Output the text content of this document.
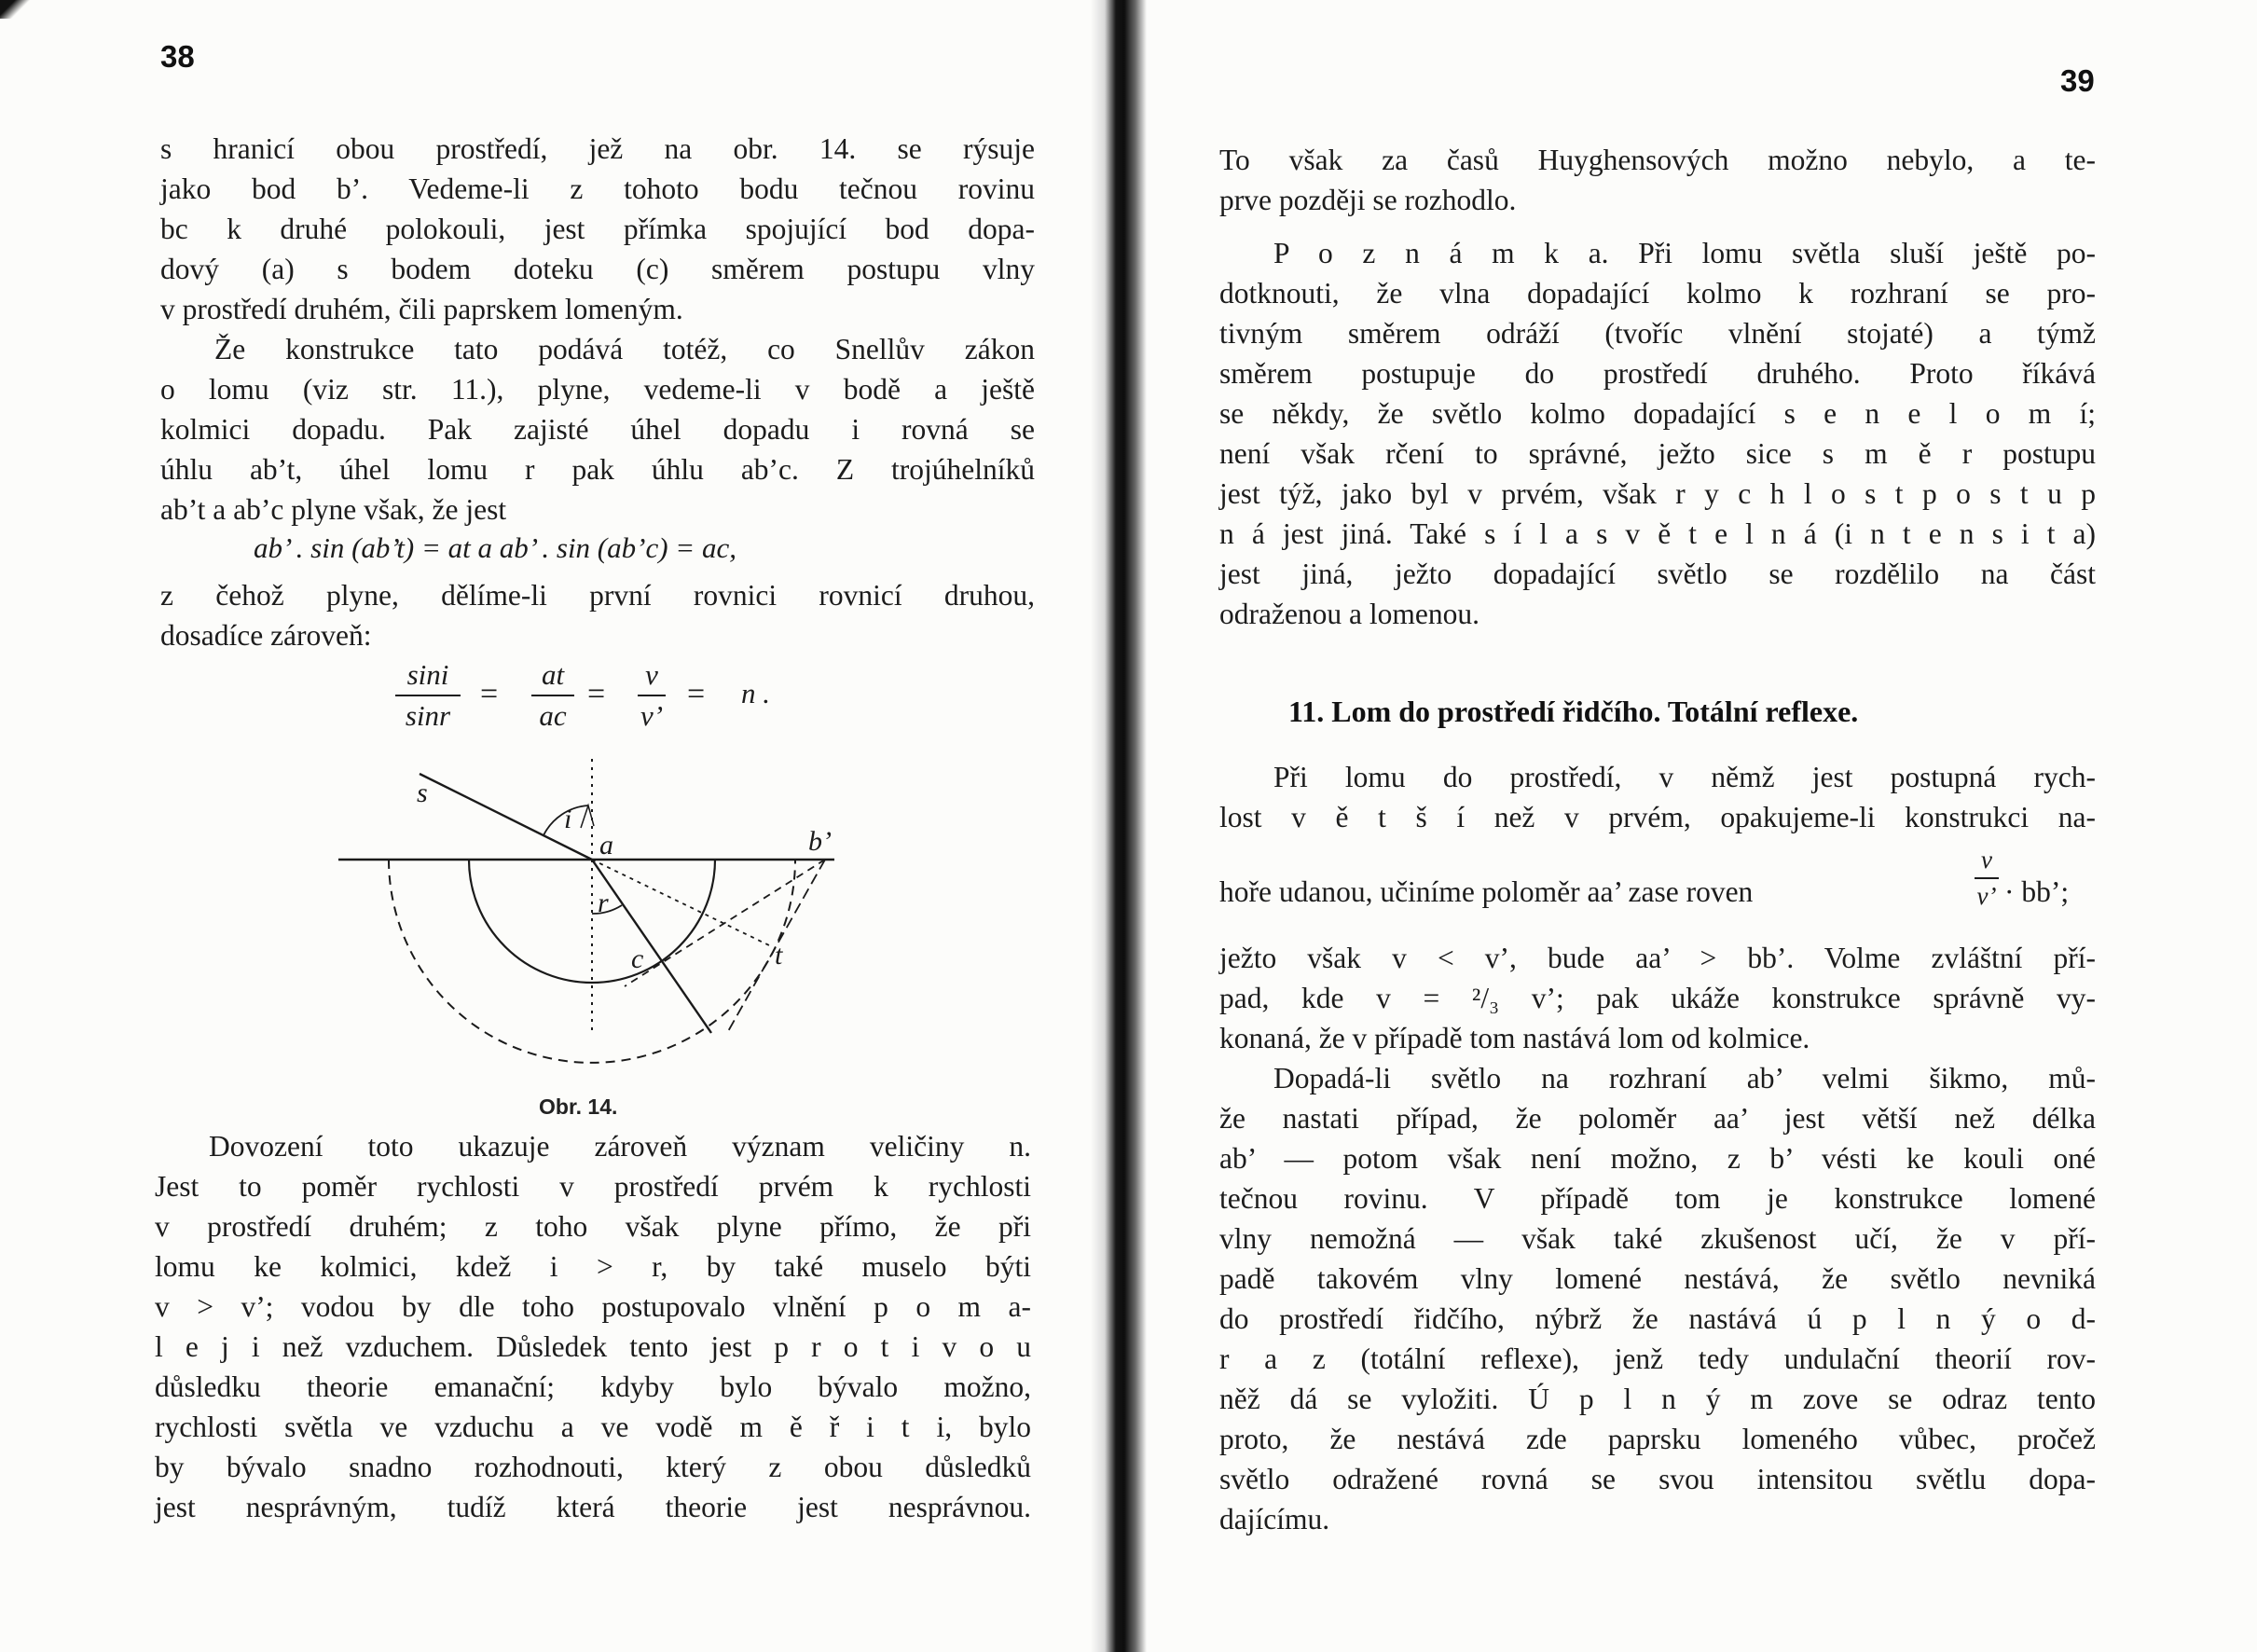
38
s hranicí obou prostředí, jež na obr. 14. se rýsuje
jako bod b’. Vedeme-li z tohoto bodu tečnou rovinu
bc k druhé polokouli, jest přímka spojující bod dopa-
dový (a) s bodem doteku (c) směrem postupu vlny
v prostředí druhém, čili paprskem lomeným.
Že konstrukce tato podává totéž, co Snellův zákon
o lomu (viz str. 11.), plyne, vedeme-li v bodě a ještě
kolmici dopadu. Pak zajisté úhel dopadu i rovná se
úhlu ab’t, úhel lomu r pak úhlu ab’c. Z trojúhelníků
ab’t a ab’c plyne však, že jest
ab’ . sin (ab’t) = at a ab’ . sin (ab’c) = ac,
z čehož plyne, dělíme-li první rovnici rovnicí druhou,
dosadíce zároveň:
sini
sinr
=
at
ac
=
v
v’
= n .
s
i
a	b’
r
c	t
Obr. 14.
Dovození toto ukazuje zároveň význam veličiny n.
Jest to poměr rychlosti v prostředí prvém k rychlosti
v prostředí druhém; z toho však plyne přímo, že při
lomu ke kolmici, kdež i > r, by také muselo býti
v > v’; vodou by dle toho postupovalo vlnění p o m a-
l e j i než vzduchem. Důsledek tento jest p r o t i v o u
důsledku theorie emanační; kdyby bylo bývalo možno,
rychlosti světla ve vzduchu a ve vodě m ě ř i t i, bylo
by bývalo snadno rozhodnouti, který z obou důsledků
jest nesprávným, tudíž která theorie jest nesprávnou.
39
To však za časů Huyghensových možno nebylo, a te-
prve později se rozhodlo.
P o z n á m k a. Při lomu světla sluší ještě po-
dotknouti, že vlna dopadající kolmo k rozhraní se pro-
tivným směrem odráží (tvoříc vlnění stojaté) a týmž
směrem postupuje do prostředí druhého. Proto říkává
se někdy, že světlo kolmo dopadající s e n e l o m í;
není však rčení to správné, ježto sice s m ě r postupu
jest týž, jako byl v prvém, však r y c h l o s t p o s t u p
n á jest jiná. Také s í l a s v ě t e l n á (i n t e n s i t a)
jest jiná, ježto dopadající světlo se rozdělilo na část
odraženou a lomenou.
11. Lom do prostředí řidčího. Totální reflexe.
Při lomu do prostředí, v němž jest postupná rych-
lost v ě t š í než v prvém, opakujeme-li konstrukci na-
hoře udanou, učiníme poloměr aa’ zase roven
v
v’ · bb’;
ježto však v < v’, bude aa’ > bb’. Volme zvláštní pří-
pad, kde v = ²/₃ v’; pak ukáže konstrukce správně vy-
konaná, že v případě tom nastává lom od kolmice.
Dopadá-li světlo na rozhraní ab’ velmi šikmo, mů-
že nastati případ, že poloměr aa’ jest větší než délka
ab’ — potom však není možno, z b’ vésti ke kouli oné
tečnou rovinu. V případě tom je konstrukce lomené
vlny nemožná — však také zkušenost učí, že v pří-
padě takovém vlny lomené nestává, že světlo nevniká
do prostředí řidčího, nýbrž že nastává ú p l n ý o d-
r a z (totální reflexe), jenž tedy undulační theorií rov-
něž dá se vyložiti. Ú p l n ý m zove se odraz tento
proto, že nestává zde paprsku lomeného vůbec, pročež
světlo odražené rovná se svou intensitou světlu dopa-
dajícímu.
